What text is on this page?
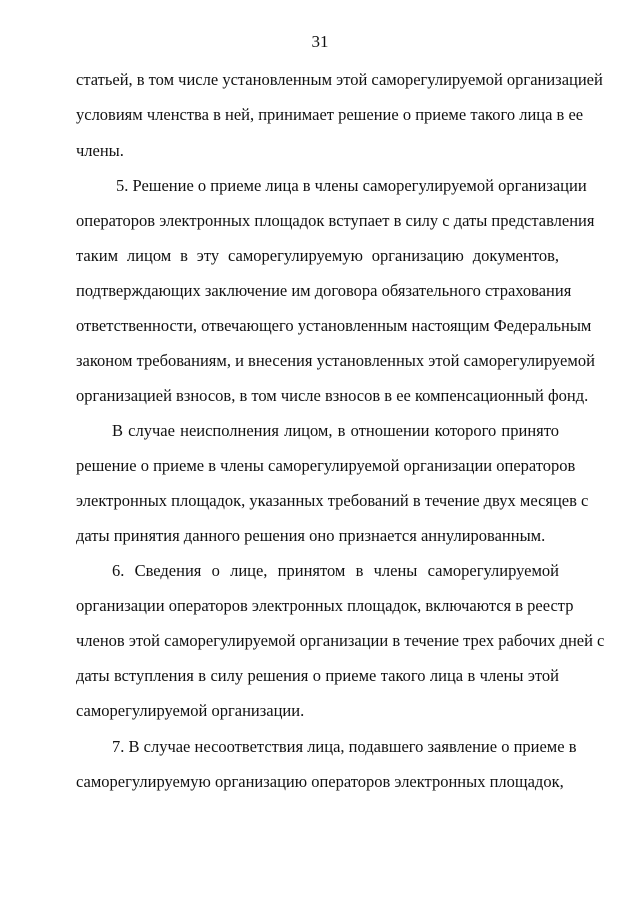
31
статьей, в том числе установленным этой саморегулируемой организацией
условиям членства в ней, принимает решение о приеме такого лица в ее
члены.
5. Решение о приеме лица в члены саморегулируемой организации
операторов электронных площадок вступает в силу с даты представления
таким лицом в эту саморегулируемую организацию документов,
подтверждающих заключение им договора обязательного страхования
ответственности, отвечающего установленным настоящим Федеральным
законом требованиям, и внесения установленных этой саморегулируемой
организацией взносов, в том числе взносов в ее компенсационный фонд.
В случае неисполнения лицом, в отношении которого принято
решение о приеме в члены саморегулируемой организации операторов
электронных площадок, указанных требований в течение двух месяцев с
даты принятия данного решения оно признается аннулированным.
6. Сведения о лице, принятом в члены саморегулируемой
организации операторов электронных площадок, включаются в реестр
членов этой саморегулируемой организации в течение трех рабочих дней с
даты вступления в силу решения о приеме такого лица в члены этой
саморегулируемой организации.
7. В случае несоответствия лица, подавшего заявление о приеме в
саморегулируемую организацию операторов электронных площадок,
